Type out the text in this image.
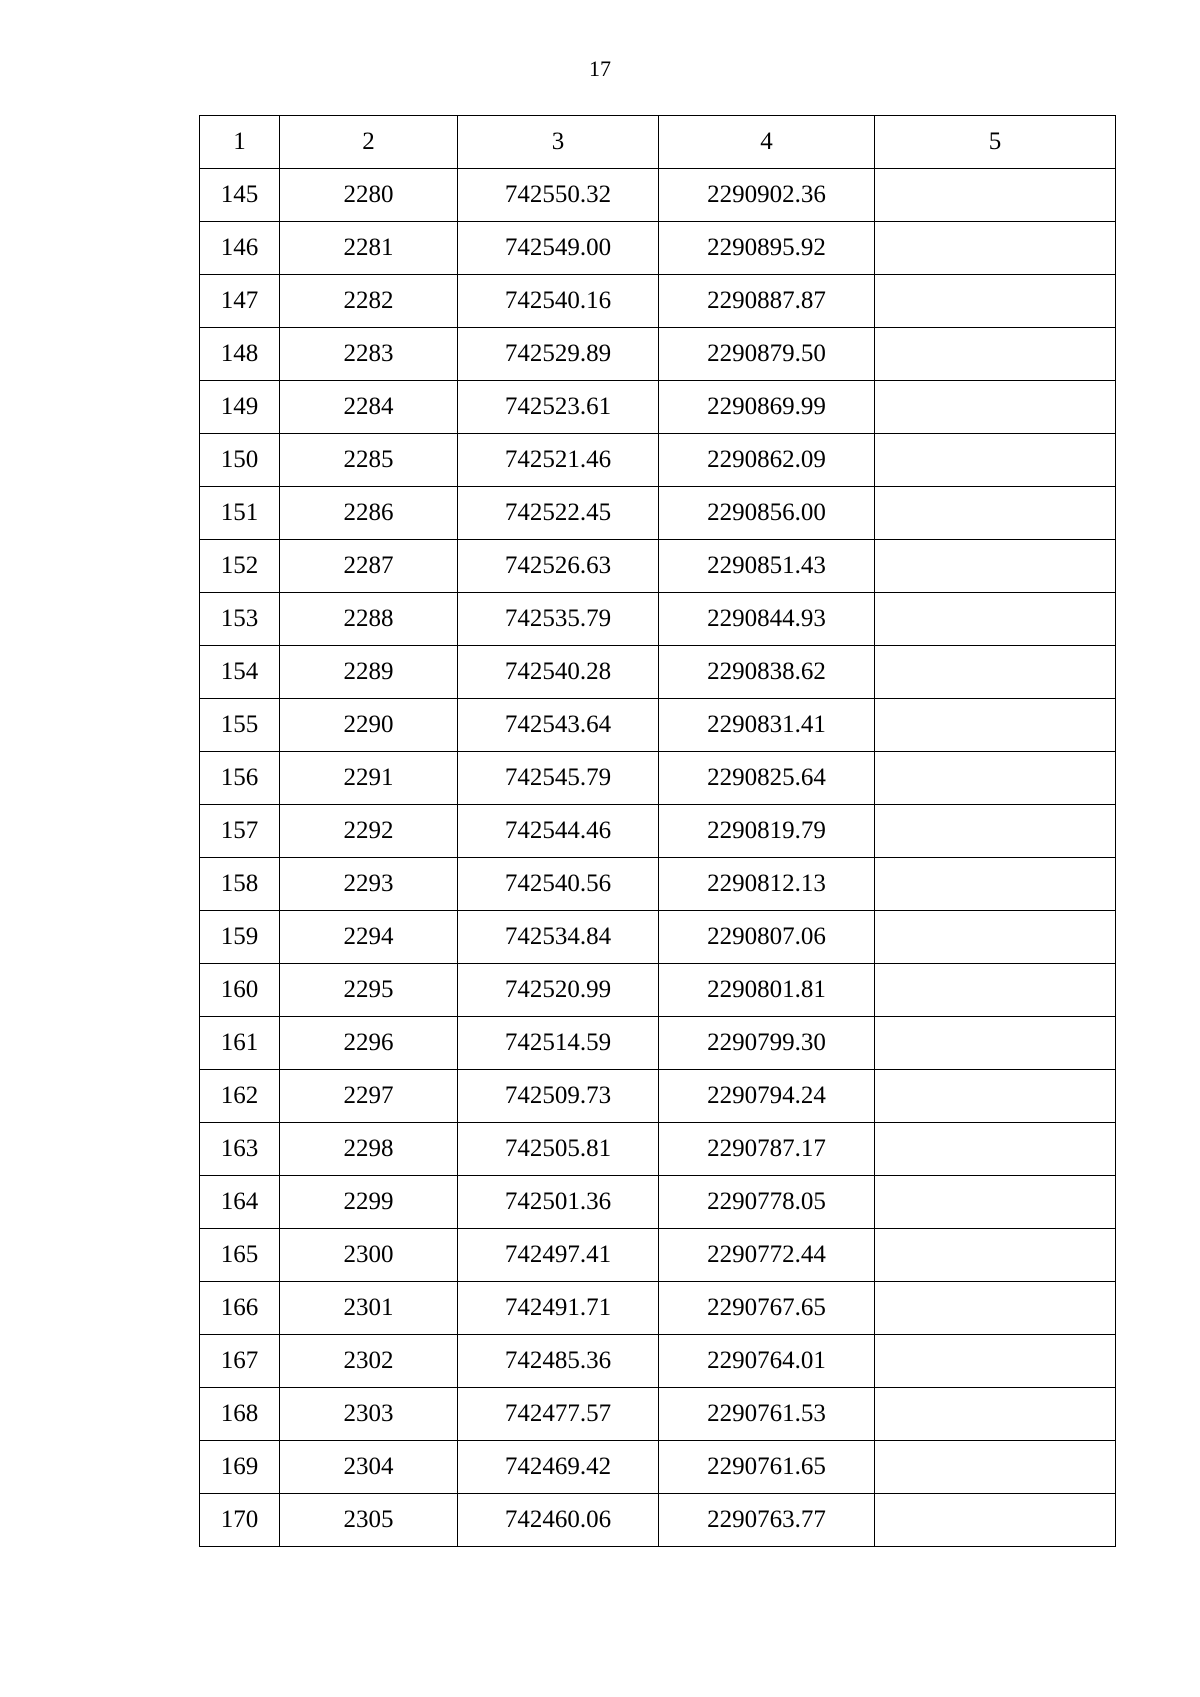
17
1	2	3	4	5
145	2280	742550.32	2290902.36	
146	2281	742549.00	2290895.92	
147	2282	742540.16	2290887.87	
148	2283	742529.89	2290879.50	
149	2284	742523.61	2290869.99	
150	2285	742521.46	2290862.09	
151	2286	742522.45	2290856.00	
152	2287	742526.63	2290851.43	
153	2288	742535.79	2290844.93	
154	2289	742540.28	2290838.62	
155	2290	742543.64	2290831.41	
156	2291	742545.79	2290825.64	
157	2292	742544.46	2290819.79	
158	2293	742540.56	2290812.13	
159	2294	742534.84	2290807.06	
160	2295	742520.99	2290801.81	
161	2296	742514.59	2290799.30	
162	2297	742509.73	2290794.24	
163	2298	742505.81	2290787.17	
164	2299	742501.36	2290778.05	
165	2300	742497.41	2290772.44	
166	2301	742491.71	2290767.65	
167	2302	742485.36	2290764.01	
168	2303	742477.57	2290761.53	
169	2304	742469.42	2290761.65	
170	2305	742460.06	2290763.77	
